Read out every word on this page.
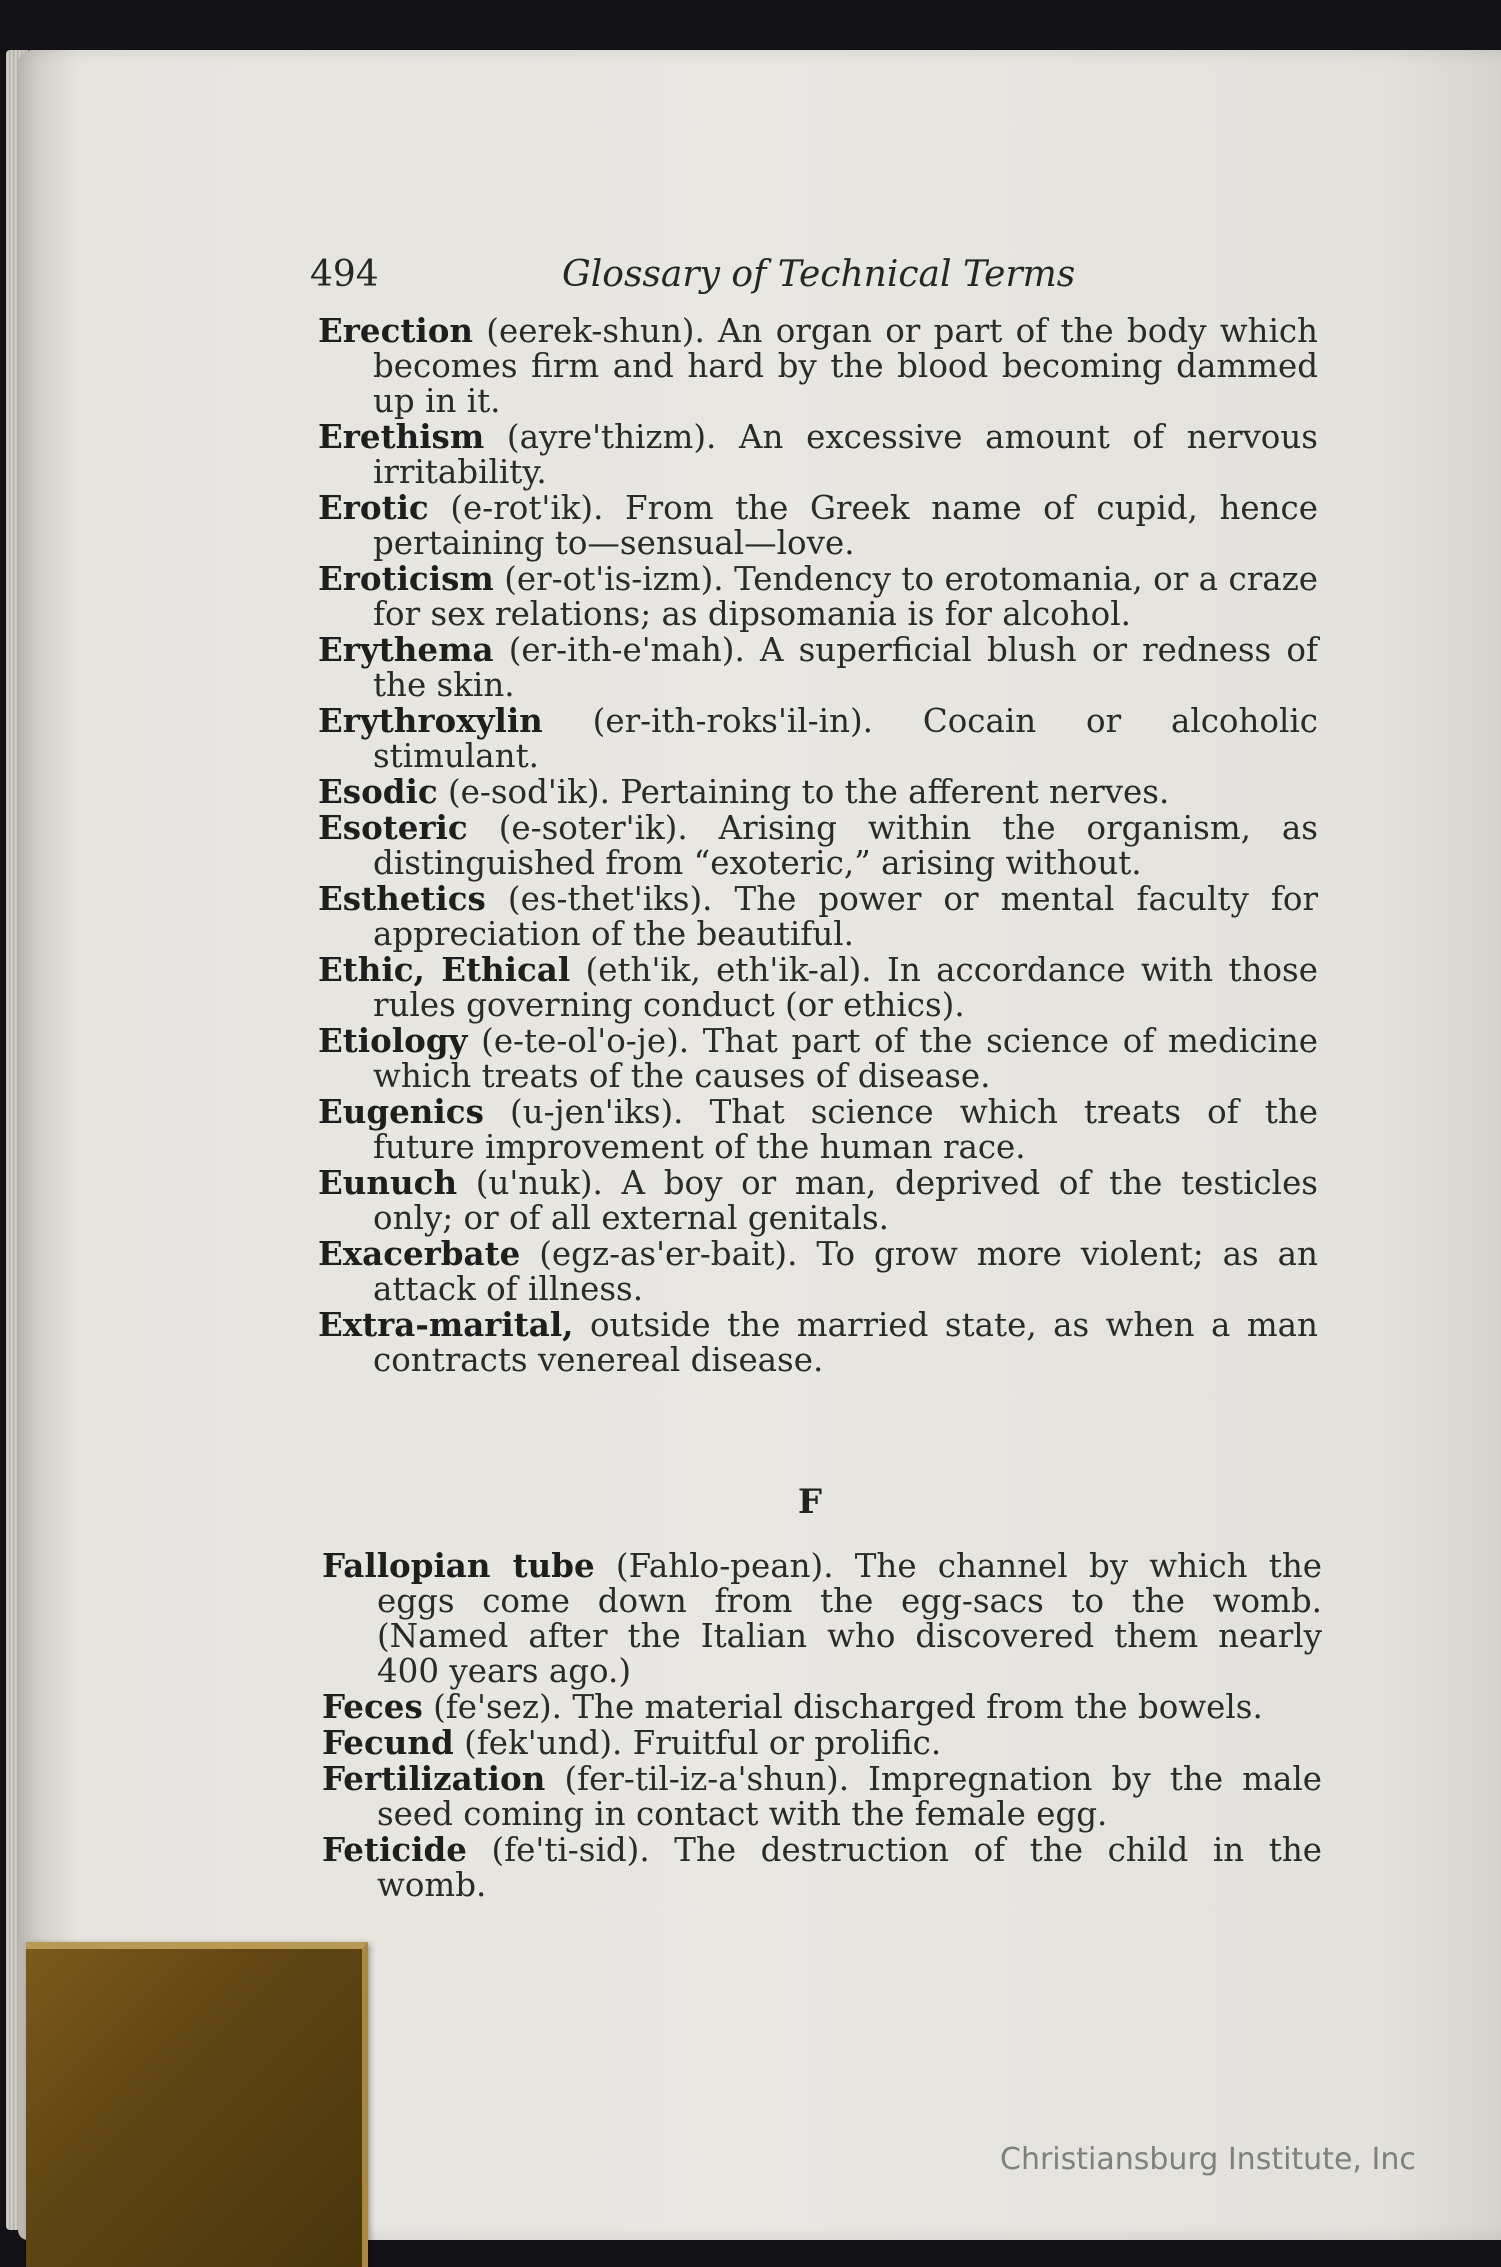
494	Glossary of Technical Terms

Erection (eerek-shun). An organ or part of the body which becomes firm and hard by the blood becoming dammed up in it.

Erethism (ayre'thizm). An excessive amount of nervous irritability.

Erotic (e-rot'ik). From the Greek name of cupid, hence pertaining to—sensual—love.

Eroticism (er-ot'is-izm). Tendency to erotomania, or a craze for sex relations; as dipsomania is for alcohol.

Erythema (er-ith-e'mah). A superficial blush or redness of the skin.

Erythroxylin (er-ith-roks'il-in). Cocain or alcoholic stimulant.

Esodic (e-sod'ik). Pertaining to the afferent nerves.

Esoteric (e-soter'ik). Arising within the organism, as distinguished from “exoteric,” arising without.

Esthetics (es-thet'iks). The power or mental faculty for appreciation of the beautiful.

Ethic, Ethical (eth'ik, eth'ik-al). In accordance with those rules governing conduct (or ethics).

Etiology (e-te-ol'o-je). That part of the science of medicine which treats of the causes of disease.

Eugenics (u-jen'iks). That science which treats of the future improvement of the human race.

Eunuch (u'nuk). A boy or man, deprived of the testicles only; or of all external genitals.

Exacerbate (egz-as'er-bait). To grow more violent; as an attack of illness.

Extra-marital, outside the married state, as when a man contracts venereal disease.

F

Fallopian tube (Fahlo-pean). The channel by which the eggs come down from the egg-sacs to the womb. (Named after the Italian who discovered them nearly 400 years ago.)

Feces (fe'sez). The material discharged from the bowels.

Fecund (fek'und). Fruitful or prolific.

Fertilization (fer-til-iz-a'shun). Impregnation by the male seed coming in contact with the female egg.

Feticide (fe'ti-sid). The destruction of the child in the womb.

Christiansburg Institute, Inc
